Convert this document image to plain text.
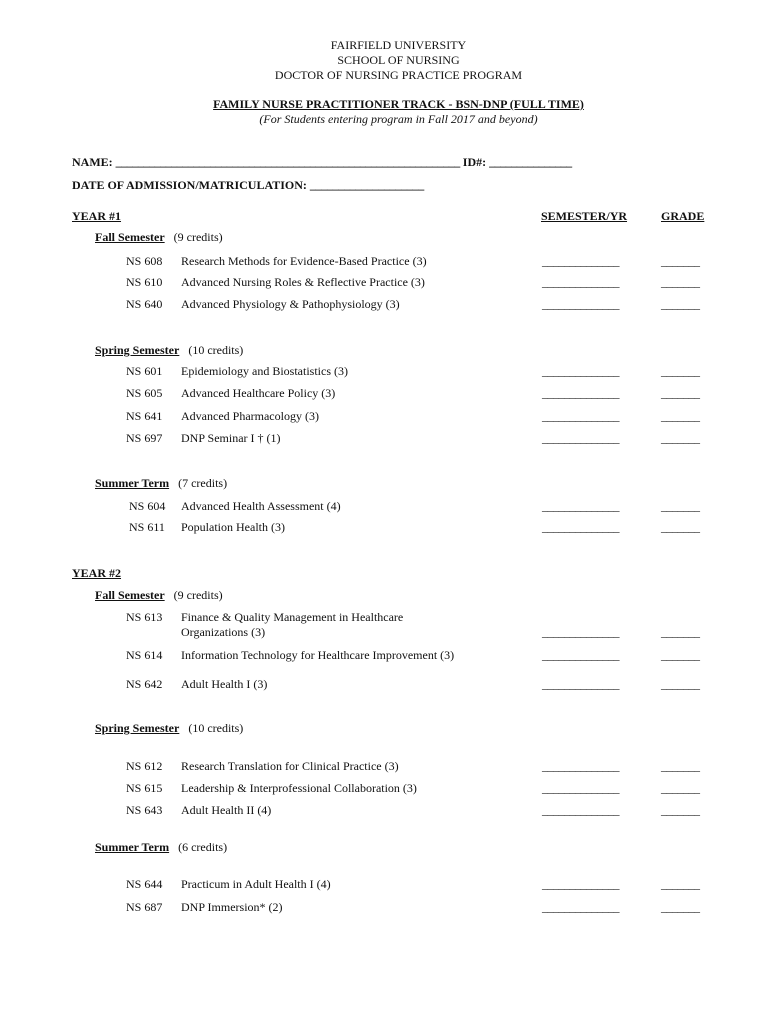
FAIRFIELD UNIVERSITY
SCHOOL OF NURSING
DOCTOR OF NURSING PRACTICE PROGRAM
FAMILY NURSE PRACTITIONER TRACK - BSN-DNP (FULL TIME)
(For Students entering program in Fall 2017 and beyond)
NAME: ______________________________________________________________ ID#: _______________
DATE OF ADMISSION/MATRICULATION: ____________________
YEAR #1	SEMESTER/YR	GRADE
Fall Semester (9 credits)
NS 608 Research Methods for Evidence-Based Practice (3)	______________	_______
NS 610 Advanced Nursing Roles & Reflective Practice (3)	______________	_______
NS 640 Advanced Physiology & Pathophysiology (3)	______________	_______
Spring Semester (10 credits)
NS 601 Epidemiology and Biostatistics (3)	______________	_______
NS 605 Advanced Healthcare Policy (3)	______________	_______
NS 641 Advanced Pharmacology (3)	______________	_______
NS 697 DNP Seminar I † (1)	______________	_______
Summer Term (7 credits)
NS 604 Advanced Health Assessment (4)	______________	_______
NS 611 Population Health (3)	______________	_______
YEAR #2
Fall Semester (9 credits)
NS 613 Finance & Quality Management in Healthcare
Organizations (3)	______________	_______
NS 614 Information Technology for Healthcare Improvement (3)	______________	_______
NS 642 Adult Health I (3)	______________	_______
Spring Semester (10 credits)
NS 612 Research Translation for Clinical Practice (3)	______________	_______
NS 615 Leadership & Interprofessional Collaboration (3)	______________	_______
NS 643 Adult Health II (4)	______________	_______
Summer Term (6 credits)
NS 644 Practicum in Adult Health I (4)	______________	_______
NS 687 DNP Immersion* (2)	______________	_______
